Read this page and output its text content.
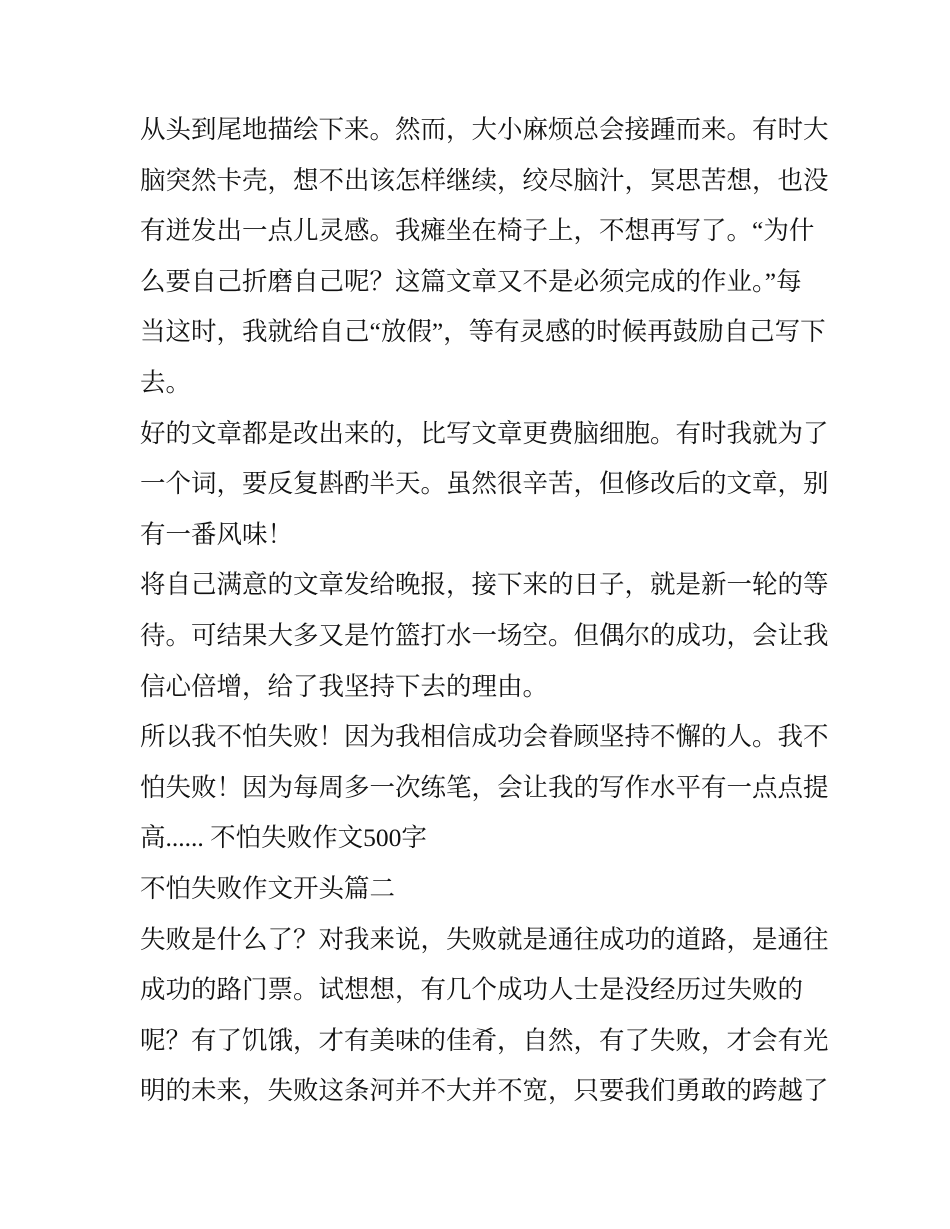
从头到尾地描绘下来。然而，大小麻烦总会接踵而来。有时大
脑突然卡壳，想不出该怎样继续，绞尽脑汁，冥思苦想，也没
有迸发出一点儿灵感。我瘫坐在椅子上，不想再写了。“为什
么要自己折磨自己呢？这篇文章又不是必须完成的作业。”每
当这时，我就给自己“放假”，等有灵感的时候再鼓励自己写下
去。
好的文章都是改出来的，比写文章更费脑细胞。有时我就为了
一个词，要反复斟酌半天。虽然很辛苦，但修改后的文章，别
有一番风味！
将自己满意的文章发给晚报，接下来的日子，就是新一轮的等
待。可结果大多又是竹篮打水一场空。但偶尔的成功，会让我
信心倍增，给了我坚持下去的理由。
所以我不怕失败！因为我相信成功会眷顾坚持不懈的人。我不
怕失败！因为每周多一次练笔，会让我的写作水平有一点点提
高...... 不怕失败作文500字
不怕失败作文开头篇二
失败是什么了？对我来说，失败就是通往成功的道路，是通往
成功的路门票。试想想，有几个成功人士是没经历过失败的
呢？有了饥饿，才有美味的佳肴，自然，有了失败，才会有光
明的未来，失败这条河并不大并不宽，只要我们勇敢的跨越了
